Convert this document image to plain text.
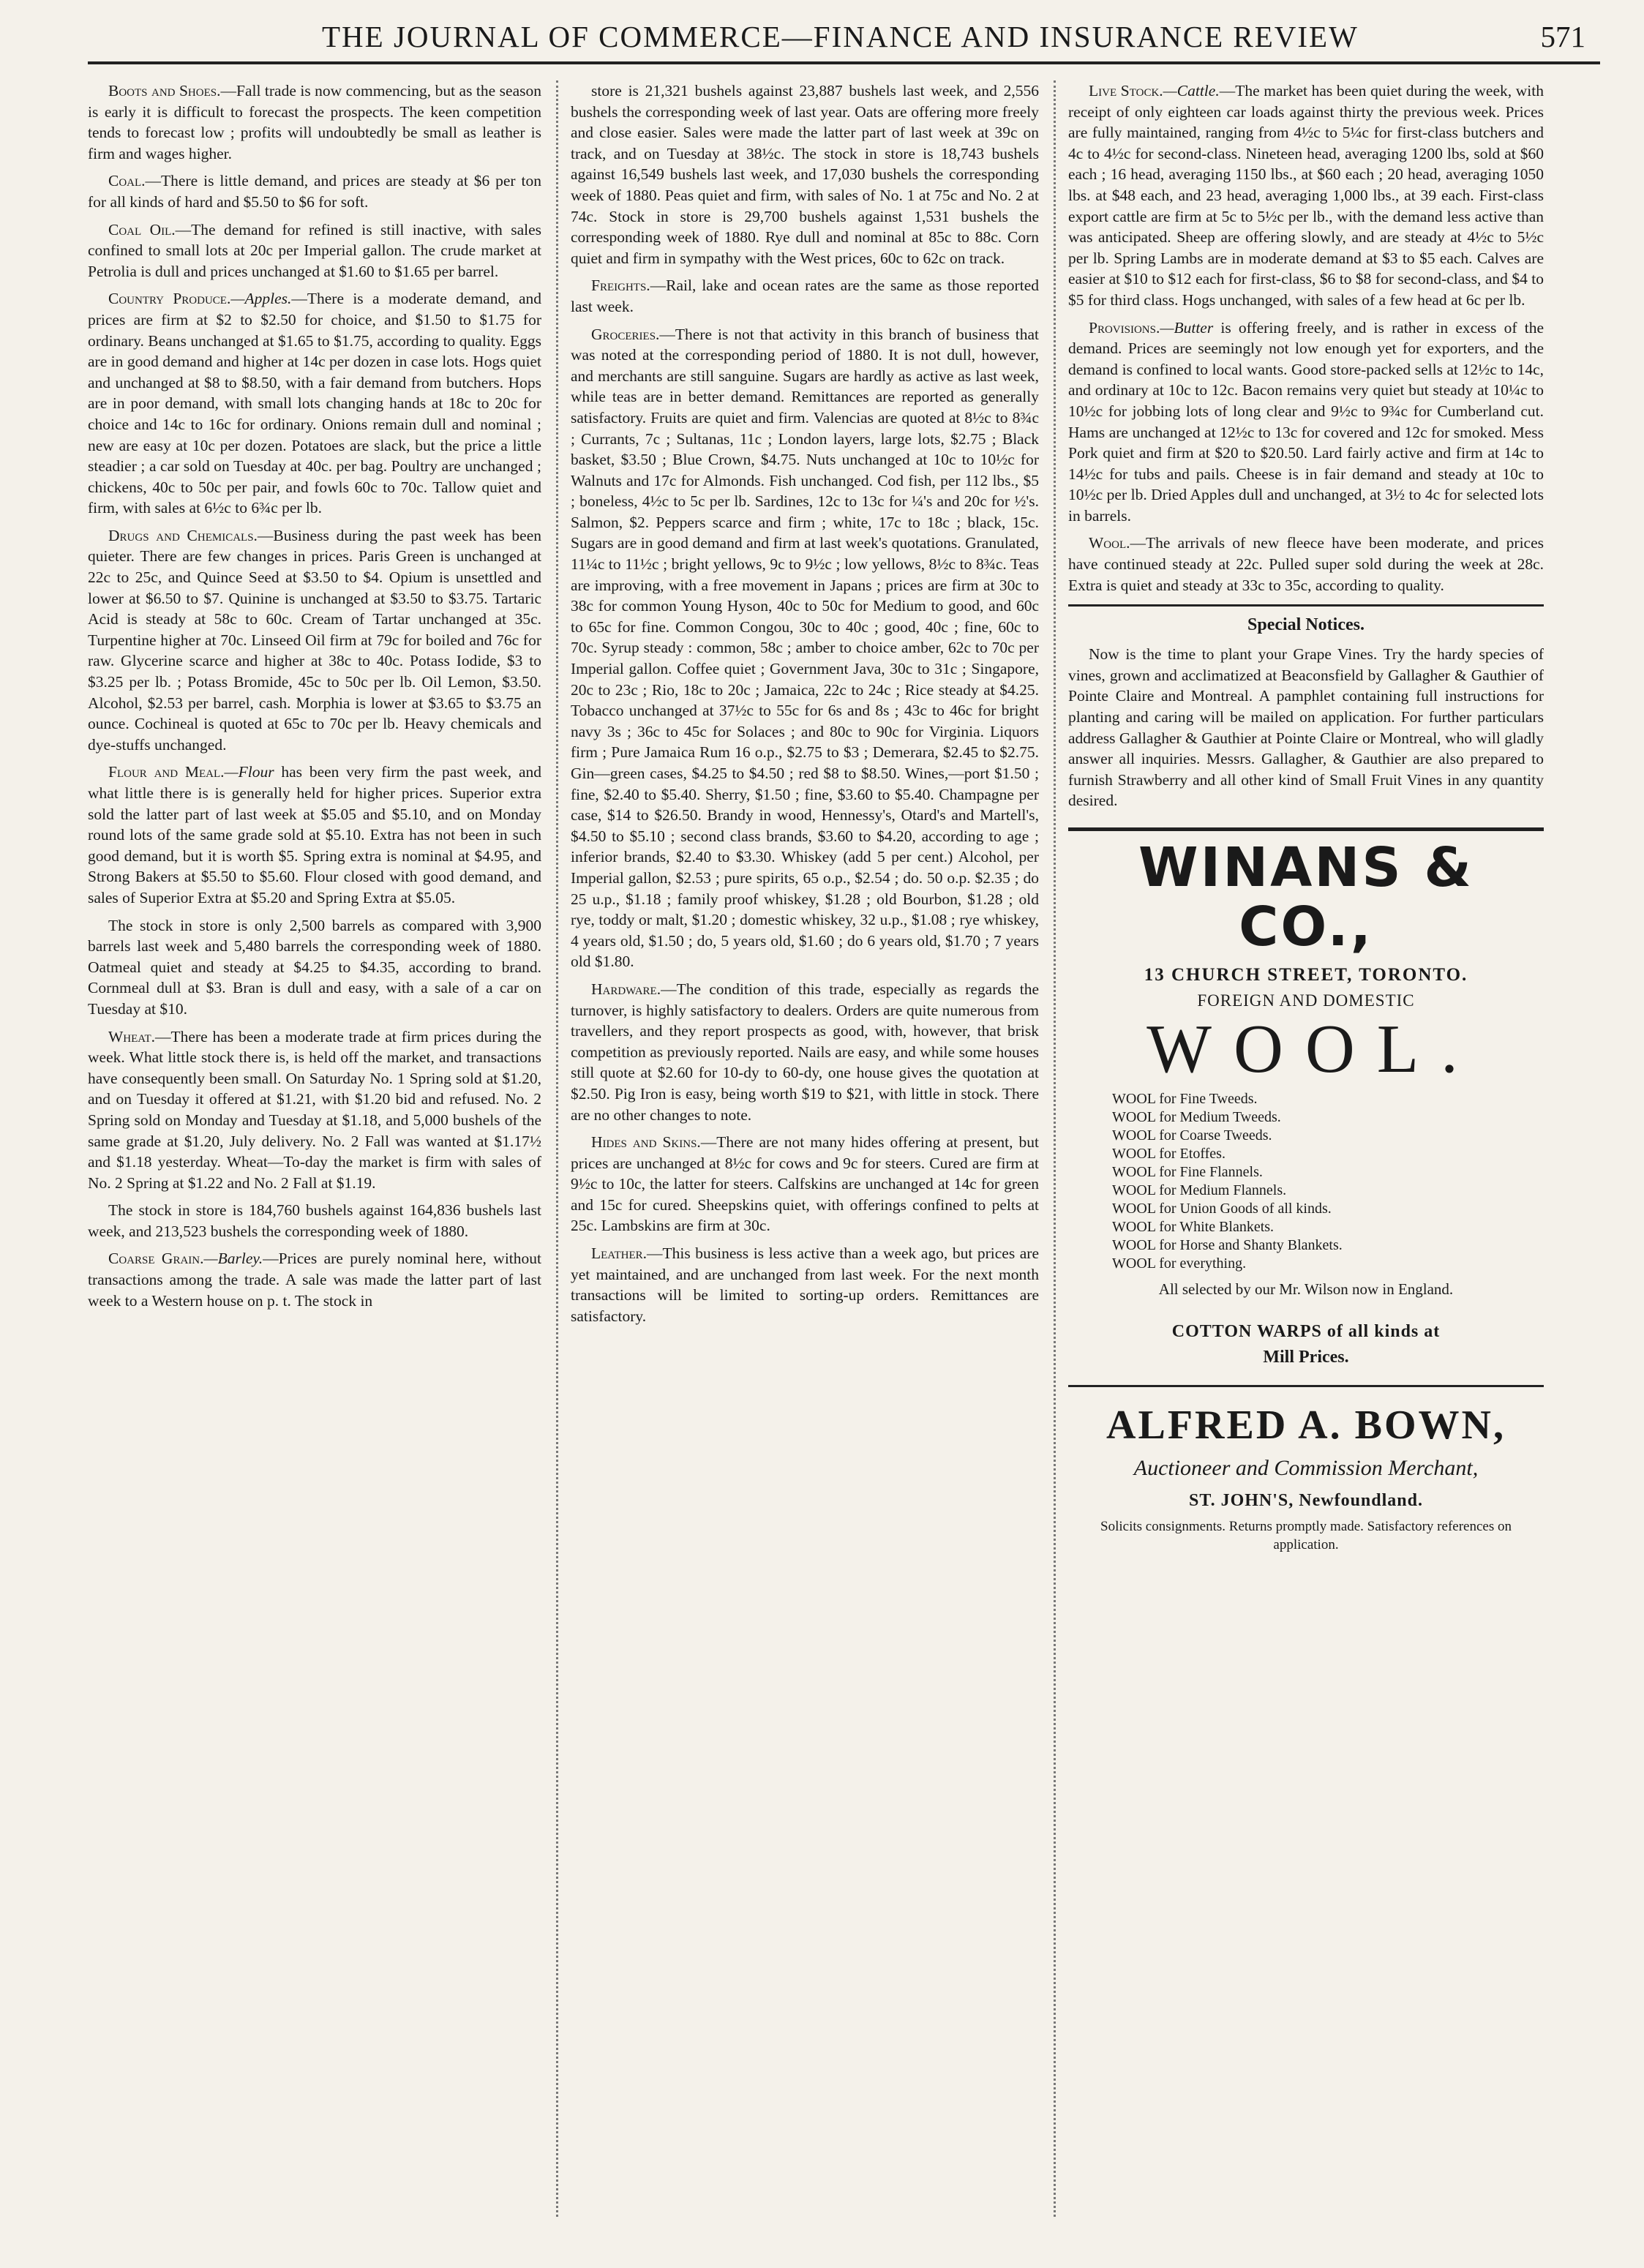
THE JOURNAL OF COMMERCE—FINANCE AND INSURANCE REVIEW	571

Boots and Shoes.—Fall trade is now commencing, but as the season is early it is difficult to forecast the prospects. The keen competition tends to forecast low ; profits will undoubtedly be small as leather is firm and wages higher.

Coal.—There is little demand, and prices are steady at $6 per ton for all kinds of hard and $5.50 to $6 for soft.

Coal Oil.—The demand for refined is still inactive, with sales confined to small lots at 20c per Imperial gallon. The crude market at Petrolia is dull and prices unchanged at $1.60 to $1.65 per barrel.

Country Produce.—Apples.—There is a moderate demand, and prices are firm at $2 to $2.50 for choice, and $1.50 to $1.75 for ordinary. Beans unchanged at $1.65 to $1.75, according to quality. Eggs are in good demand and higher at 14c per dozen in case lots. Hogs quiet and unchanged at $8 to $8.50, with a fair demand from butchers. Hops are in poor demand, with small lots changing hands at 18c to 20c for choice and 14c to 16c for ordinary. Onions remain dull and nominal ; new are easy at 10c per dozen. Potatoes are slack, but the price a little steadier ; a car sold on Tuesday at 40c. per bag. Poultry are unchanged ; chickens, 40c to 50c per pair, and fowls 60c to 70c. Tallow quiet and firm, with sales at 6½c to 6¾c per lb.

Drugs and Chemicals.—Business during the past week has been quieter. There are few changes in prices. Paris Green is unchanged at 22c to 25c, and Quince Seed at $3.50 to $4. Opium is unsettled and lower at $6.50 to $7. Quinine is unchanged at $3.50 to $3.75. Tartaric Acid is steady at 58c to 60c. Cream of Tartar unchanged at 35c. Turpentine higher at 70c. Linseed Oil firm at 79c for boiled and 76c for raw. Glycerine scarce and higher at 38c to 40c. Potass Iodide, $3 to $3.25 per lb. ; Potass Bromide, 45c to 50c per lb. Oil Lemon, $3.50. Alcohol, $2.53 per barrel, cash. Morphia is lower at $3.65 to $3.75 an ounce. Cochineal is quoted at 65c to 70c per lb. Heavy chemicals and dye-stuffs unchanged.

Flour and Meal.—Flour has been very firm the past week, and what little there is is generally held for higher prices. Superior extra sold the latter part of last week at $5.05 and $5.10, and on Monday round lots of the same grade sold at $5.10. Extra has not been in such good demand, but it is worth $5. Spring extra is nominal at $4.95, and Strong Bakers at $5.50 to $5.60. Flour closed with good demand, and sales of Superior Extra at $5.20 and Spring Extra at $5.05.

The stock in store is only 2,500 barrels as compared with 3,900 barrels last week and 5,480 barrels the corresponding week of 1880. Oatmeal quiet and steady at $4.25 to $4.35, according to brand. Cornmeal dull at $3. Bran is dull and easy, with a sale of a car on Tuesday at $10.

Wheat.—There has been a moderate trade at firm prices during the week. What little stock there is, is held off the market, and transactions have consequently been small. On Saturday No. 1 Spring sold at $1.20, and on Tuesday it offered at $1.21, with $1.20 bid and refused. No. 2 Spring sold on Monday and Tuesday at $1.18, and 5,000 bushels of the same grade at $1.20, July delivery. No. 2 Fall was wanted at $1.17½ and $1.18 yesterday. Wheat—To-day the market is firm with sales of No. 2 Spring at $1.22 and No. 2 Fall at $1.19.

The stock in store is 184,760 bushels against 164,836 bushels last week, and 213,523 bushels the corresponding week of 1880.

Coarse Grain.—Barley.—Prices are purely nominal here, without transactions among the trade. A sale was made the latter part of last week to a Western house on p. t. The stock in

store is 21,321 bushels against 23,887 bushels last week, and 2,556 bushels the corresponding week of last year. Oats are offering more freely and close easier. Sales were made the latter part of last week at 39c on track, and on Tuesday at 38½c. The stock in store is 18,743 bushels against 16,549 bushels last week, and 17,030 bushels the corresponding week of 1880. Peas quiet and firm, with sales of No. 1 at 75c and No. 2 at 74c. Stock in store is 29,700 bushels against 1,531 bushels the corresponding week of 1880. Rye dull and nominal at 85c to 88c. Corn quiet and firm in sympathy with the West prices, 60c to 62c on track.

Freights.—Rail, lake and ocean rates are the same as those reported last week.

Groceries.—There is not that activity in this branch of business that was noted at the corresponding period of 1880. It is not dull, however, and merchants are still sanguine. Sugars are hardly as active as last week, while teas are in better demand. Remittances are reported as generally satisfactory. Fruits are quiet and firm. Valencias are quoted at 8½c to 8¾c ; Currants, 7c ; Sultanas, 11c ; London layers, large lots, $2.75 ; Black basket, $3.50 ; Blue Crown, $4.75. Nuts unchanged at 10c to 10½c for Walnuts and 17c for Almonds. Fish unchanged. Cod fish, per 112 lbs., $5 ; boneless, 4½c to 5c per lb. Sardines, 12c to 13c for ¼'s and 20c for ½'s. Salmon, $2. Peppers scarce and firm ; white, 17c to 18c ; black, 15c. Sugars are in good demand and firm at last week's quotations. Granulated, 11¼c to 11½c ; bright yellows, 9c to 9½c ; low yellows, 8½c to 8¾c. Teas are improving, with a free movement in Japans ; prices are firm at 30c to 38c for common Young Hyson, 40c to 50c for Medium to good, and 60c to 65c for fine. Common Congou, 30c to 40c ; good, 40c ; fine, 60c to 70c. Syrup steady : common, 58c ; amber to choice amber, 62c to 70c per Imperial gallon. Coffee quiet ; Government Java, 30c to 31c ; Singapore, 20c to 23c ; Rio, 18c to 20c ; Jamaica, 22c to 24c ; Rice steady at $4.25. Tobacco unchanged at 37½c to 55c for 6s and 8s ; 43c to 46c for bright navy 3s ; 36c to 45c for Solaces ; and 80c to 90c for Virginia. Liquors firm ; Pure Jamaica Rum 16 o.p., $2.75 to $3 ; Demerara, $2.45 to $2.75. Gin—green cases, $4.25 to $4.50 ; red $8 to $8.50. Wines,—port $1.50 ; fine, $2.40 to $5.40. Sherry, $1.50 ; fine, $3.60 to $5.40. Champagne per case, $14 to $26.50. Brandy in wood, Hennessy's, Otard's and Martell's, $4.50 to $5.10 ; second class brands, $3.60 to $4.20, according to age ; inferior brands, $2.40 to $3.30. Whiskey (add 5 per cent.) Alcohol, per Imperial gallon, $2.53 ; pure spirits, 65 o.p., $2.54 ; do. 50 o.p. $2.35 ; do 25 u.p., $1.18 ; family proof whiskey, $1.28 ; old Bourbon, $1.28 ; old rye, toddy or malt, $1.20 ; domestic whiskey, 32 u.p., $1.08 ; rye whiskey, 4 years old, $1.50 ; do, 5 years old, $1.60 ; do 6 years old, $1.70 ; 7 years old $1.80.

Hardware.—The condition of this trade, especially as regards the turnover, is highly satisfactory to dealers. Orders are quite numerous from travellers, and they report prospects as good, with, however, that brisk competition as previously reported. Nails are easy, and while some houses still quote at $2.60 for 10-dy to 60-dy, one house gives the quotation at $2.50. Pig Iron is easy, being worth $19 to $21, with little in stock. There are no other changes to note.

Hides and Skins.—There are not many hides offering at present, but prices are unchanged at 8½c for cows and 9c for steers. Cured are firm at 9½c to 10c, the latter for steers. Calfskins are unchanged at 14c for green and 15c for cured. Sheepskins quiet, with offerings confined to pelts at 25c. Lambskins are firm at 30c.

Leather.—This business is less active than a week ago, but prices are yet maintained, and are unchanged from last week. For the next month transactions will be limited to sorting-up orders. Remittances are satisfactory.

Live Stock.—Cattle.—The market has been quiet during the week, with receipt of only eighteen car loads against thirty the previous week. Prices are fully maintained, ranging from 4½c to 5¼c for first-class butchers and 4c to 4½c for second-class. Nineteen head, averaging 1200 lbs, sold at $60 each ; 16 head, averaging 1150 lbs., at $60 each ; 20 head, averaging 1050 lbs. at $48 each, and 23 head, averaging 1,000 lbs., at 39 each. First-class export cattle are firm at 5c to 5½c per lb., with the demand less active than was anticipated. Sheep are offering slowly, and are steady at 4½c to 5½c per lb. Spring Lambs are in moderate demand at $3 to $5 each. Calves are easier at $10 to $12 each for first-class, $6 to $8 for second-class, and $4 to $5 for third class. Hogs unchanged, with sales of a few head at 6c per lb.

Provisions.—Butter is offering freely, and is rather in excess of the demand. Prices are seemingly not low enough yet for exporters, and the demand is confined to local wants. Good store-packed sells at 12½c to 14c, and ordinary at 10c to 12c. Bacon remains very quiet but steady at 10¼c to 10½c for jobbing lots of long clear and 9½c to 9¾c for Cumberland cut. Hams are unchanged at 12½c to 13c for covered and 12c for smoked. Mess Pork quiet and firm at $20 to $20.50. Lard fairly active and firm at 14c to 14½c for tubs and pails. Cheese is in fair demand and steady at 10c to 10½c per lb. Dried Apples dull and unchanged, at 3½ to 4c for selected lots in barrels.

Wool.—The arrivals of new fleece have been moderate, and prices have continued steady at 22c. Pulled super sold during the week at 28c. Extra is quiet and steady at 33c to 35c, according to quality.

Special Notices.

Now is the time to plant your Grape Vines. Try the hardy species of vines, grown and acclimatized at Beaconsfield by Gallagher & Gauthier of Pointe Claire and Montreal. A pamphlet containing full instructions for planting and caring will be mailed on application. For further particulars address Gallagher & Gauthier at Pointe Claire or Montreal, who will gladly answer all inquiries. Messrs. Gallagher, & Gauthier are also prepared to furnish Strawberry and all other kind of Small Fruit Vines in any quantity desired.

WINANS & CO.,
13 CHURCH STREET, TORONTO.
FOREIGN AND DOMESTIC
WOOL.
WOOL for Fine Tweeds.
WOOL for Medium Tweeds.
WOOL for Coarse Tweeds.
WOOL for Etoffes.
WOOL for Fine Flannels.
WOOL for Medium Flannels.
WOOL for Union Goods of all kinds.
WOOL for White Blankets.
WOOL for Horse and Shanty Blankets.
WOOL for everything.
All selected by our Mr. Wilson now in England.
COTTON WARPS of all kinds at
Mill Prices.
ALFRED A. BOWN,
Auctioneer and Commission Merchant,
ST. JOHN'S, Newfoundland.
Solicits consignments. Returns promptly made. Satisfactory references on application.
